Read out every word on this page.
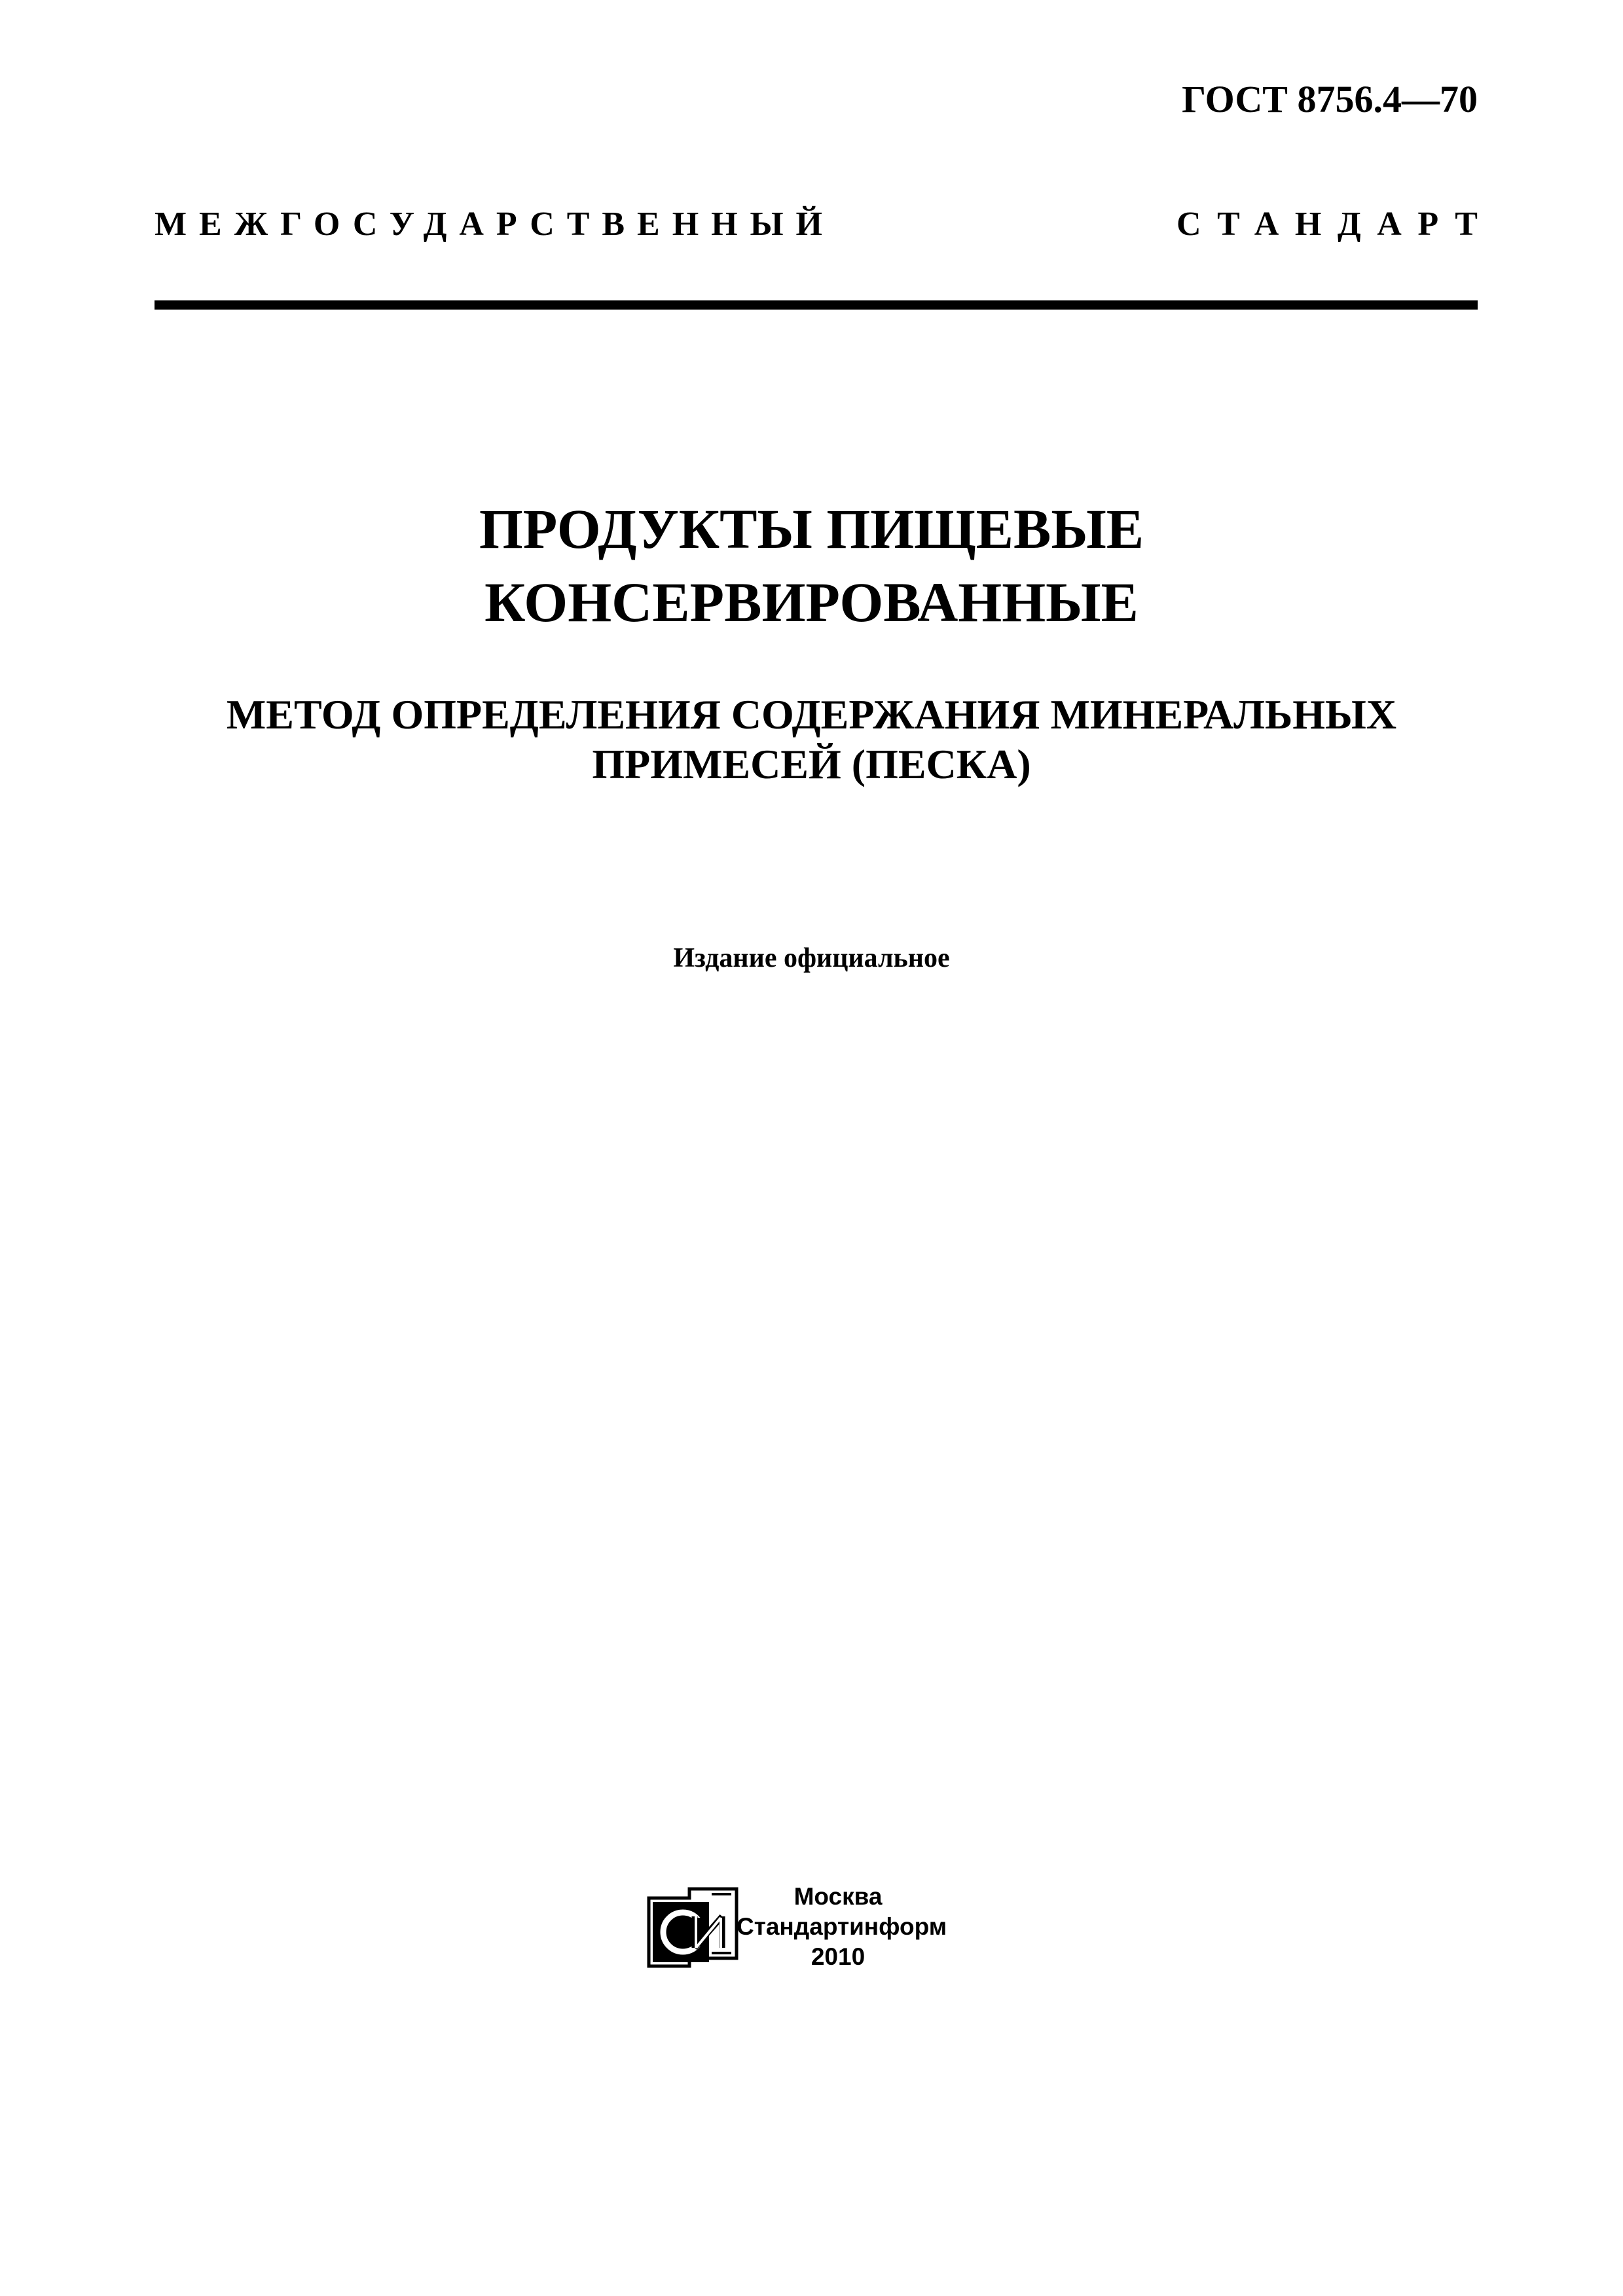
ГОСТ 8756.4—70
МЕЖГОСУДАРСТВЕННЫЙ	СТАНДАРТ
ПРОДУКТЫ ПИЩЕВЫЕ
КОНСЕРВИРОВАННЫЕ
МЕТОД ОПРЕДЕЛЕНИЯ СОДЕРЖАНИЯ МИНЕРАЛЬНЫХ
ПРИМЕСЕЙ (ПЕСКА)
Издание официальное
Москва
Стандартинформ
2010
